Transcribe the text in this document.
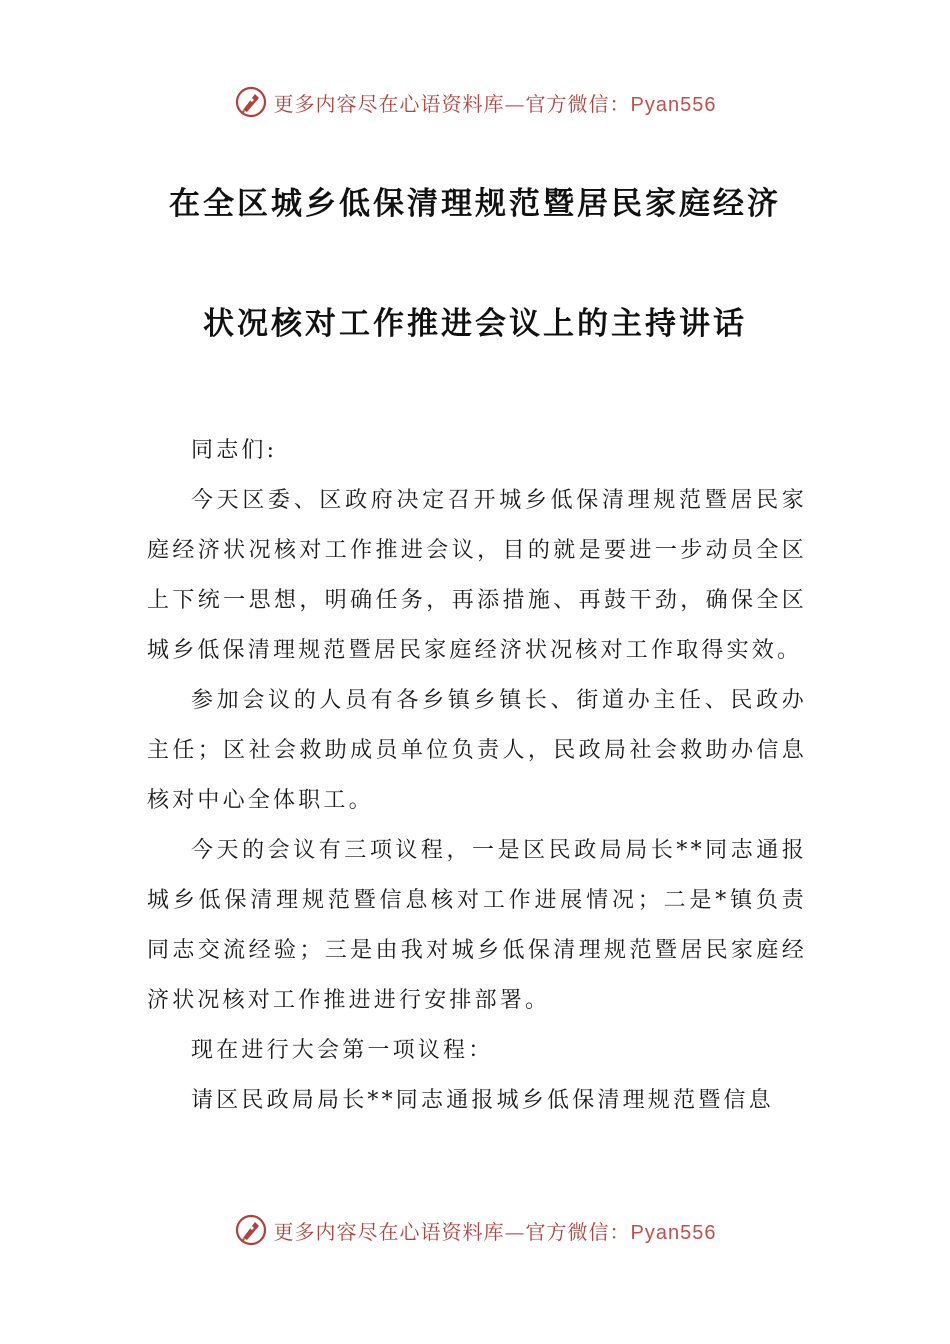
更多内容尽在心语资料库—官方微信：Pyan556
在全区城乡低保清理规范暨居民家庭经济
状况核对工作推进会议上的主持讲话

同志们:

今天区委、区政府决定召开城乡低保清理规范暨居民家庭经济状况核对工作推进会议，目的就是要进一步动员全区上下统一思想，明确任务，再添措施、再鼓干劲，确保全区城乡低保清理规范暨居民家庭经济状况核对工作取得实效。

参加会议的人员有各乡镇乡镇长、街道办主任、民政办主任；区社会救助成员单位负责人，民政局社会救助办信息核对中心全体职工。

今天的会议有三项议程，一是区民政局局长**同志通报城乡低保清理规范暨信息核对工作进展情况；二是*镇负责同志交流经验；三是由我对城乡低保清理规范暨居民家庭经济状况核对工作推进进行安排部署。

现在进行大会第一项议程：

请区民政局局长**同志通报城乡低保清理规范暨信息

更多内容尽在心语资料库—官方微信：Pyan556
